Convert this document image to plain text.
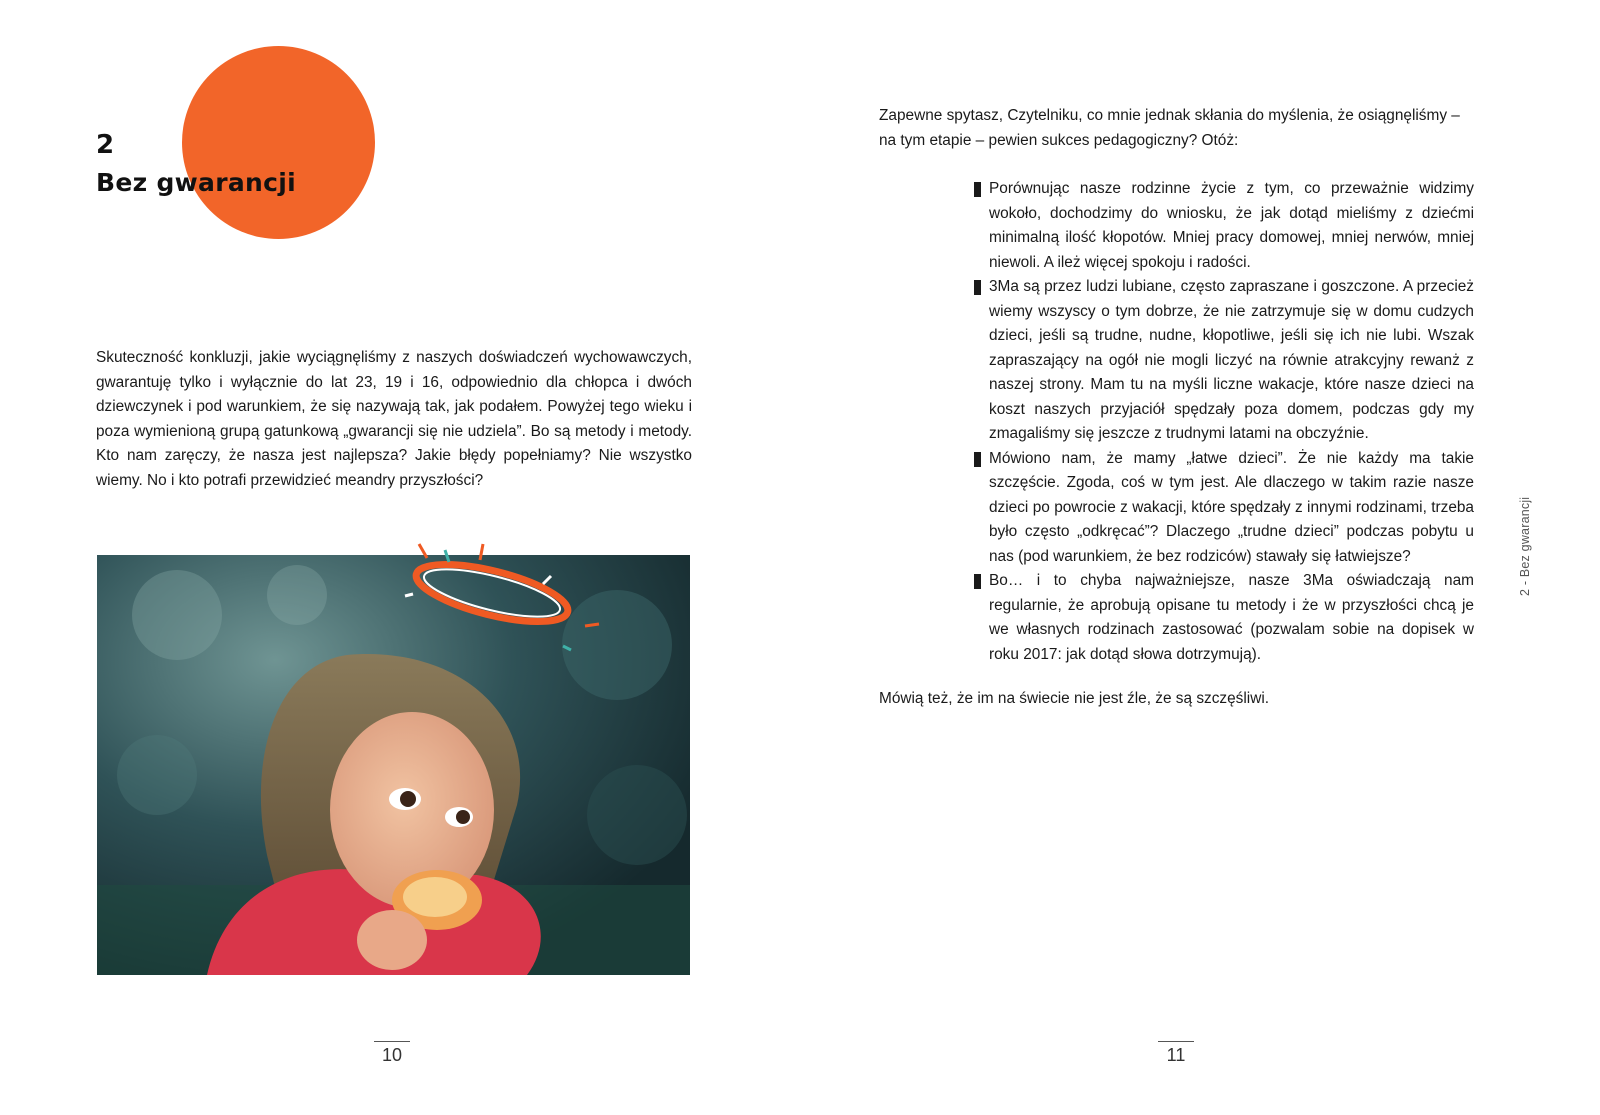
2
Bez gwarancji

Skuteczność konkluzji, jakie wyciągnęliśmy z naszych doświadczeń wychowawczych, gwarantuję tylko i wyłącznie do lat 23, 19 i 16, odpowiednio dla chłopca i dwóch dziewczynek i pod warunkiem, że się nazywają tak, jak podałem. Powyżej tego wieku i poza wymienioną grupą gatunkową „gwarancji się nie udziela”. Bo są metody i metody. Kto nam zaręczy, że nasza jest najlepsza? Jakie błędy popełniamy? Nie wszystko wiemy. No i kto potrafi przewidzieć meandry przyszłości?

10

Zapewne spytasz, Czytelniku, co mnie jednak skłania do myślenia, że osiągnęliśmy – na tym etapie – pewien sukces pedagogiczny? Otóż:

Porównując nasze rodzinne życie z tym, co przeważnie widzimy wokoło, dochodzimy do wniosku, że jak dotąd mieliśmy z dziećmi minimalną ilość kłopotów. Mniej pracy domowej, mniej nerwów, mniej niewoli. A ileż więcej spokoju i radości.
3Ma są przez ludzi lubiane, często zapraszane i goszczone. A przecież wiemy wszyscy o tym dobrze, że nie zatrzymuje się w domu cudzych dzieci, jeśli są trudne, nudne, kłopotliwe, jeśli się ich nie lubi. Wszak zapraszający na ogół nie mogli liczyć na równie atrakcyjny rewanż z naszej strony. Mam tu na myśli liczne wakacje, które nasze dzieci na koszt naszych przyjaciół spędzały poza domem, podczas gdy my zmagaliśmy się jeszcze z trudnymi latami na obczyźnie.
Mówiono nam, że mamy „łatwe dzieci”. Że nie każdy ma takie szczęście. Zgoda, coś w tym jest. Ale dlaczego w takim razie nasze dzieci po powrocie z wakacji, które spędzały z innymi rodzinami, trzeba było często „odkręcać”? Dlaczego „trudne dzieci” podczas pobytu u nas (pod warunkiem, że bez rodziców) stawały się łatwiejsze?
Bo… i to chyba najważniejsze, nasze 3Ma oświadczają nam regularnie, że aprobują opisane tu metody i że w przyszłości chcą je we własnych rodzinach zastosować (pozwalam sobie na dopisek w roku 2017: jak dotąd słowa dotrzymują).

Mówią też, że im na świecie nie jest źle, że są szczęśliwi.

11
2 - Bez gwarancji
